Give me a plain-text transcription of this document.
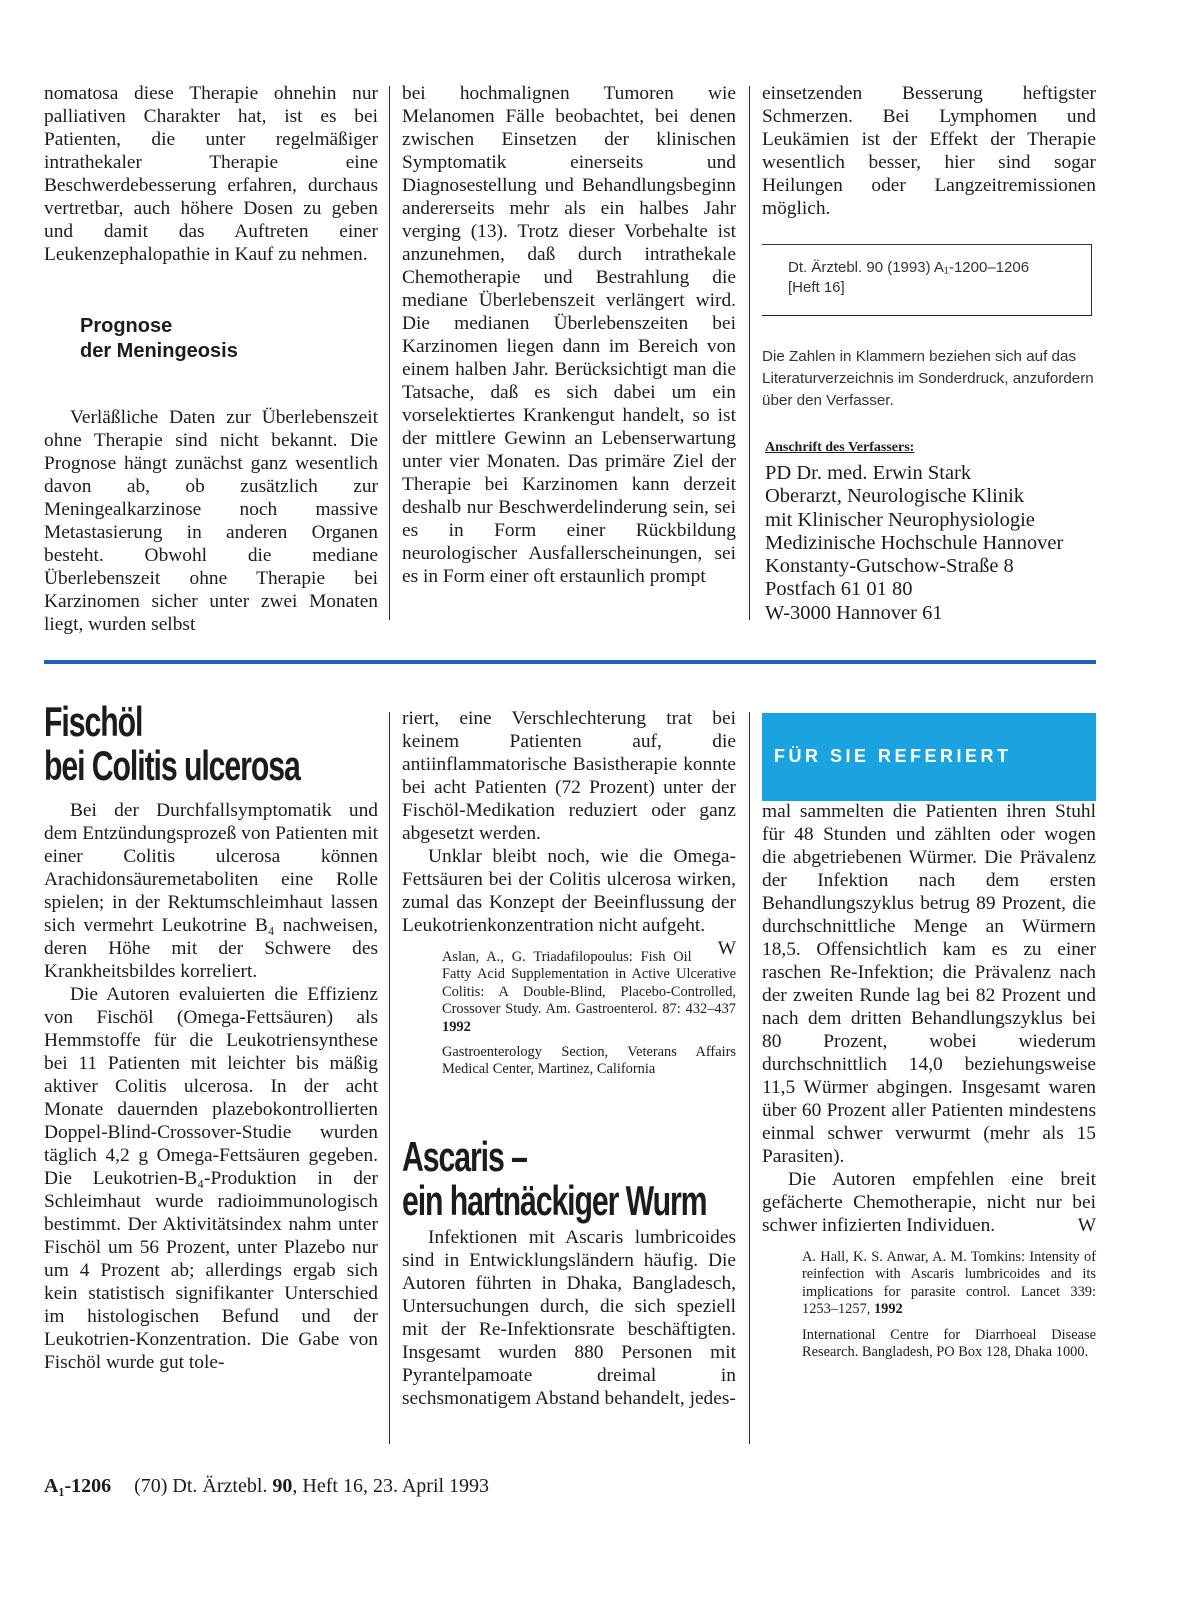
nomatosa diese Therapie ohnehin nur palliativen Charakter hat, ist es bei Patienten, die unter regelmäßiger intrathekaler Therapie eine Beschwerdebesserung erfahren, durchaus vertretbar, auch höhere Dosen zu geben und damit das Auftreten einer Leukenzephalopathie in Kauf zu nehmen.

Prognose
der Meningeosis

Verläßliche Daten zur Überlebenszeit ohne Therapie sind nicht bekannt. Die Prognose hängt zunächst ganz wesentlich davon ab, ob zusätzlich zur Meningealkarzinose noch massive Metastasierung in anderen Organen besteht. Obwohl die mediane Überlebenszeit ohne Therapie bei Karzinomen sicher unter zwei Monaten liegt, wurden selbst

bei hochmalignen Tumoren wie Melanomen Fälle beobachtet, bei denen zwischen Einsetzen der klinischen Symptomatik einerseits und Diagnosestellung und Behandlungsbeginn andererseits mehr als ein halbes Jahr verging (13). Trotz dieser Vorbehalte ist anzunehmen, daß durch intrathekale Chemotherapie und Bestrahlung die mediane Überlebenszeit verlängert wird. Die medianen Überlebenszeiten bei Karzinomen liegen dann im Bereich von einem halben Jahr. Berücksichtigt man die Tatsache, daß es sich dabei um ein vorselektiertes Krankengut handelt, so ist der mittlere Gewinn an Lebenserwartung unter vier Monaten. Das primäre Ziel der Therapie bei Karzinomen kann derzeit deshalb nur Beschwerdelinderung sein, sei es in Form einer Rückbildung neurologischer Ausfallerscheinungen, sei es in Form einer oft erstaunlich prompt

einsetzenden Besserung heftigster Schmerzen. Bei Lymphomen und Leukämien ist der Effekt der Therapie wesentlich besser, hier sind sogar Heilungen oder Langzeitremissionen möglich.

Dt. Ärztebl. 90 (1993) A₁-1200–1206
[Heft 16]
Die Zahlen in Klammern beziehen sich auf das Literaturverzeichnis im Sonderdruck, anzufordern über den Verfasser.
Anschrift des Verfassers:
PD Dr. med. Erwin Stark
Oberarzt, Neurologische Klinik
mit Klinischer Neurophysiologie
Medizinische Hochschule Hannover
Konstanty-Gutschow-Straße 8
Postfach 61 01 80
W-3000 Hannover 61
Fischöl
bei Colitis ulcerosa

Bei der Durchfallsymptomatik und dem Entzündungsprozeß von Patienten mit einer Colitis ulcerosa können Arachidonsäuremetaboliten eine Rolle spielen; in der Rektumschleimhaut lassen sich vermehrt Leukotrine B₄ nachweisen, deren Höhe mit der Schwere des Krankheitsbildes korreliert.

Die Autoren evaluierten die Effizienz von Fischöl (Omega-Fettsäuren) als Hemmstoffe für die Leukotriensynthese bei 11 Patienten mit leichter bis mäßig aktiver Colitis ulcerosa. In der acht Monate dauernden plazebokontrollierten Doppel-Blind-Crossover-Studie wurden täglich 4,2 g Omega-Fettsäuren gegeben. Die Leukotrien-B₄-Produktion in der Schleimhaut wurde radioimmunologisch bestimmt. Der Aktivitätsindex nahm unter Fischöl um 56 Prozent, unter Plazebo nur um 4 Prozent ab; allerdings ergab sich kein statistisch signifikanter Unterschied im histologischen Befund und der Leukotrien-Konzentration. Die Gabe von Fischöl wurde gut tole-

riert, eine Verschlechterung trat bei keinem Patienten auf, die antiinflammatorische Basistherapie konnte bei acht Patienten (72 Prozent) unter der Fischöl-Medikation reduziert oder ganz abgesetzt werden.

Unklar bleibt noch, wie die Omega-Fettsäuren bei der Colitis ulcerosa wirken, zumal das Konzept der Beeinflussung der Leukotrienkonzentration nicht aufgeht.
W

Aslan, A., G. Triadafilopoulus: Fish Oil Fatty Acid Supplementation in Active Ulcerative Colitis: A Double-Blind, Placebo-Controlled, Crossover Study. Am. Gastroenterol. 87: 432–437 1992
Gastroenterology Section, Veterans Affairs Medical Center, Martinez, California
Ascaris –
ein hartnäckiger Wurm

Infektionen mit Ascaris lumbricoides sind in Entwicklungsländern häufig. Die Autoren führten in Dhaka, Bangladesch, Untersuchungen durch, die sich speziell mit der Re-Infektionsrate beschäftigten. Insgesamt wurden 880 Personen mit Pyrantelpamoate dreimal in sechsmonatigem Abstand behandelt, jedes-

FÜR SIE REFERIERT

mal sammelten die Patienten ihren Stuhl für 48 Stunden und zählten oder wogen die abgetriebenen Würmer. Die Prävalenz der Infektion nach dem ersten Behandlungszyklus betrug 89 Prozent, die durchschnittliche Menge an Würmern 18,5. Offensichtlich kam es zu einer raschen Re-Infektion; die Prävalenz nach der zweiten Runde lag bei 82 Prozent und nach dem dritten Behandlungszyklus bei 80 Prozent, wobei wiederum durchschnittlich 14,0 beziehungsweise 11,5 Würmer abgingen. Insgesamt waren über 60 Prozent aller Patienten mindestens einmal schwer verwurmt (mehr als 15 Parasiten).

Die Autoren empfehlen eine breit gefächerte Chemotherapie, nicht nur bei schwer infizierten Individuen.	W

A. Hall, K. S. Anwar, A. M. Tomkins: Intensity of reinfection with Ascaris lumbricoides and its implications for parasite control. Lancet 339: 1253–1257, 1992
International Centre for Diarrhoeal Disease Research. Bangladesh, PO Box 128, Dhaka 1000.
A₁-1206 (70) Dt. Ärztebl. 90, Heft 16, 23. April 1993
